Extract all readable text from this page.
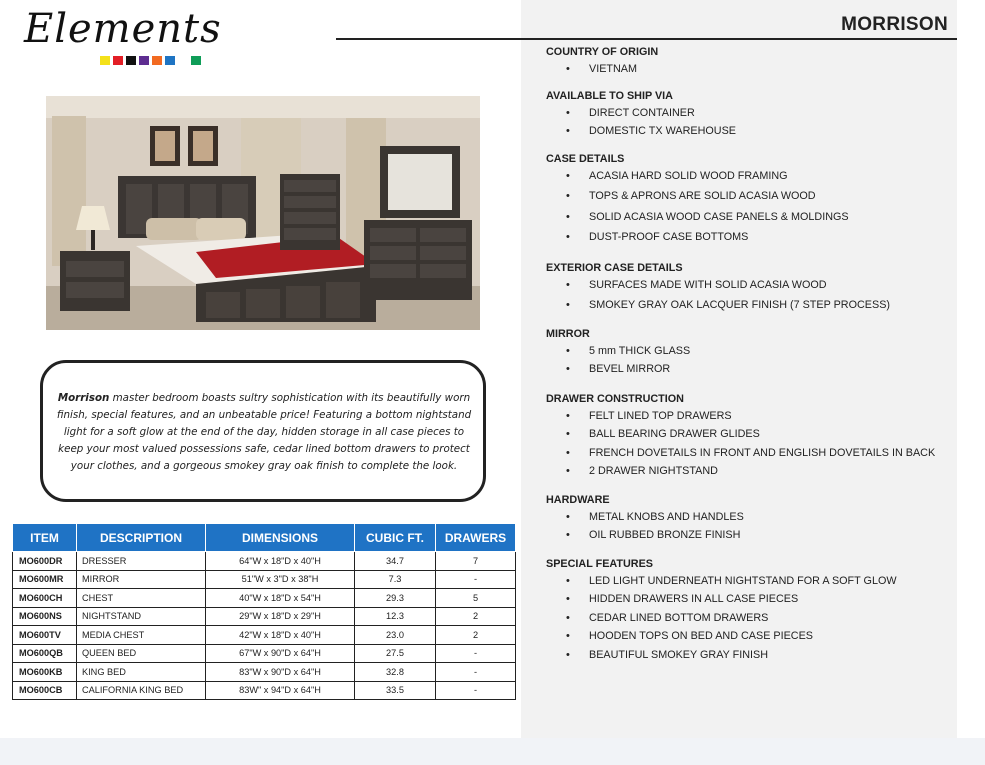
Elements	MORRISON
Morrison master bedroom boasts sultry sophistication with its beautifully worn finish, special features, and an unbeatable price! Featuring a bottom nightstand light for a soft glow at the end of the day, hidden storage in all case pieces to keep your most valued possessions safe, cedar lined bottom drawers to protect your clothes, and a gorgeous smokey gray oak finish to complete the look.
ITEM	DESCRIPTION	DIMENSIONS	CUBIC FT.	DRAWERS
MO600DR	DRESSER	64"W x 18"D x 40"H	34.7	7
MO600MR	MIRROR	51"W x 3"D x 38"H	7.3	-
MO600CH	CHEST	40"W x 18"D x 54"H	29.3	5
MO600NS	NIGHTSTAND	29"W x 18"D x 29"H	12.3	2
MO600TV	MEDIA CHEST	42"W x 18"D x 40"H	23.0	2
MO600QB	QUEEN BED	67"W x 90"D x 64"H	27.5	-
MO600KB	KING BED	83"W x 90"D x 64"H	32.8	-
MO600CB	CALIFORNIA KING BED	83W" x 94"D x 64"H	33.5	-
COUNTRY OF ORIGIN
• VIETNAM
AVAILABLE TO SHIP VIA
• DIRECT CONTAINER
• DOMESTIC TX WAREHOUSE
CASE DETAILS
• ACASIA HARD SOLID WOOD FRAMING
• TOPS & APRONS ARE SOLID ACASIA WOOD
• SOLID ACASIA WOOD CASE PANELS & MOLDINGS
• DUST-PROOF CASE BOTTOMS
EXTERIOR CASE DETAILS
• SURFACES MADE WITH SOLID ACASIA WOOD
• SMOKEY GRAY OAK LACQUER FINISH (7 STEP PROCESS)
MIRROR
• 5 mm THICK GLASS
• BEVEL MIRROR
DRAWER CONSTRUCTION
• FELT LINED TOP DRAWERS
• BALL BEARING DRAWER GLIDES
• FRENCH DOVETAILS IN FRONT AND ENGLISH DOVETAILS IN BACK
• 2 DRAWER NIGHTSTAND
HARDWARE
• METAL KNOBS AND HANDLES
• OIL RUBBED BRONZE FINISH
SPECIAL FEATURES
• LED LIGHT UNDERNEATH NIGHTSTAND FOR A SOFT GLOW
• HIDDEN DRAWERS IN ALL CASE PIECES
• CEDAR LINED BOTTOM DRAWERS
• HOODEN TOPS ON BED AND CASE PIECES
• BEAUTIFUL SMOKEY GRAY FINISH
